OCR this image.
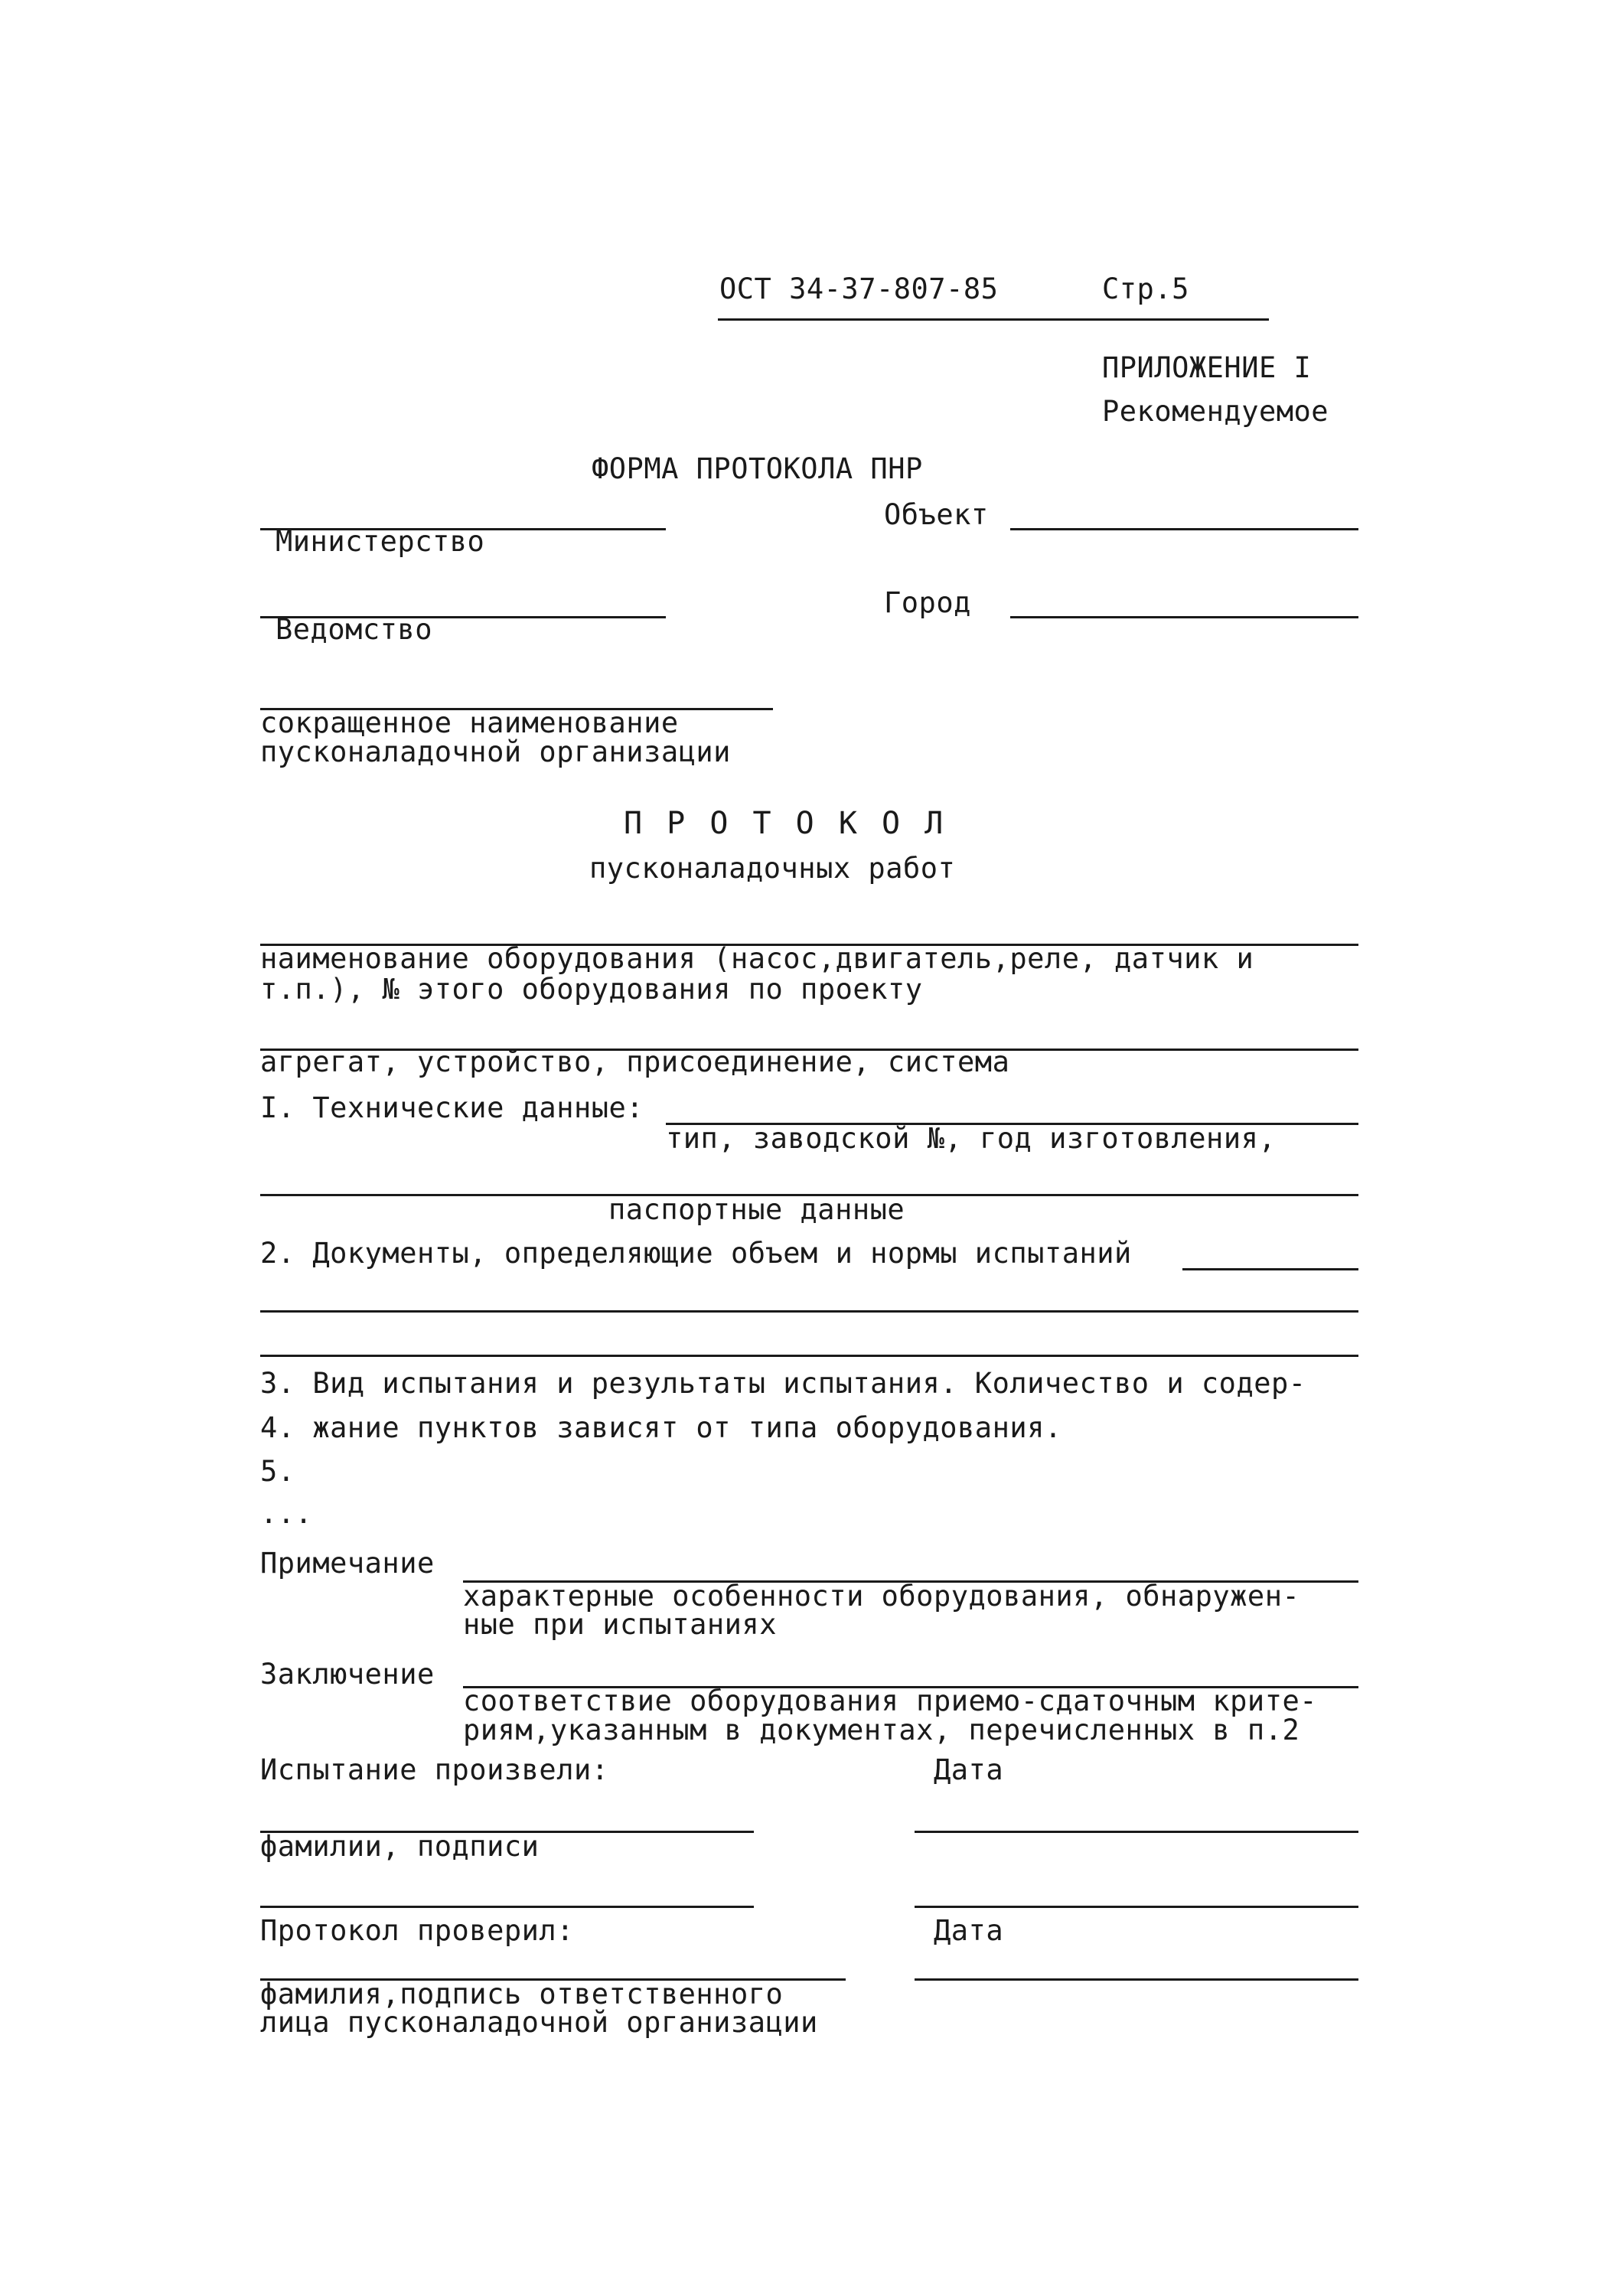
ОСТ 34-37-807-85	Стр.5
ПРИЛОЖЕНИЕ I
Рекомендуемое
ФОРМА ПРОТОКОЛА ПНР
Министерство
Объект
Ведомство
Город
сокращенное наименование
пусконаладочной организации
П Р О Т О К О Л
пусконаладочных работ
наименование оборудования (насос,двигатель,реле, датчик и
т.п.), № этого оборудования по проекту
агрегат, устройство, присоединение, система
I. Технические данные:
тип, заводской №, год изготовления,
паспортные данные
2. Документы, определяющие объем и нормы испытаний
3. Вид испытания и результаты испытания. Количество и содер-
4. жание пунктов зависят от типа оборудования.
5.
...
Примечание
характерные особенности оборудования, обнаружен-
ные при испытаниях
Заключение
соответствие оборудования приемо-сдаточным крите-
риям,указанным в документах, перечисленных в п.2
Испытание произвели:	Дата
фамилии, подписи
Протокол проверил:	Дата
фамилия,подпись ответственного
лица пусконаладочной организации
